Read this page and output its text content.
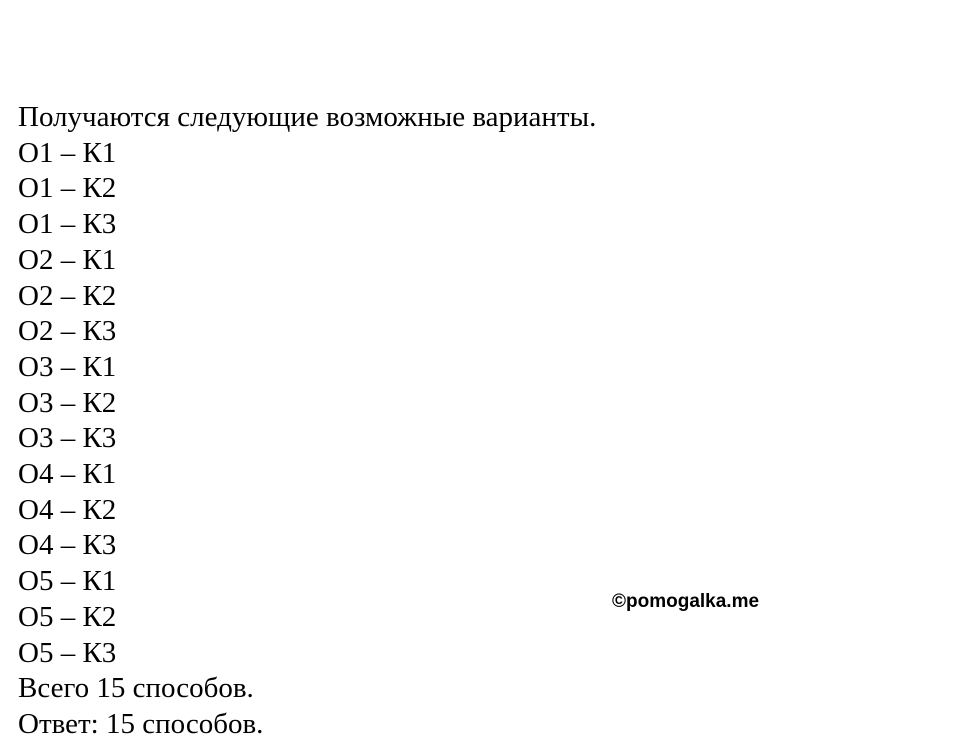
Получаются следующие возможные варианты.
О1 – К1
О1 – К2
О1 – К3
О2 – К1
О2 – К2
О2 – К3
О3 – К1
О3 – К2
О3 – К3
О4 – К1
О4 – К2
О4 – К3
О5 – К1
О5 – К2
О5 – К3
Всего 15 способов.
Ответ: 15 способов.
©pomogalka.me
